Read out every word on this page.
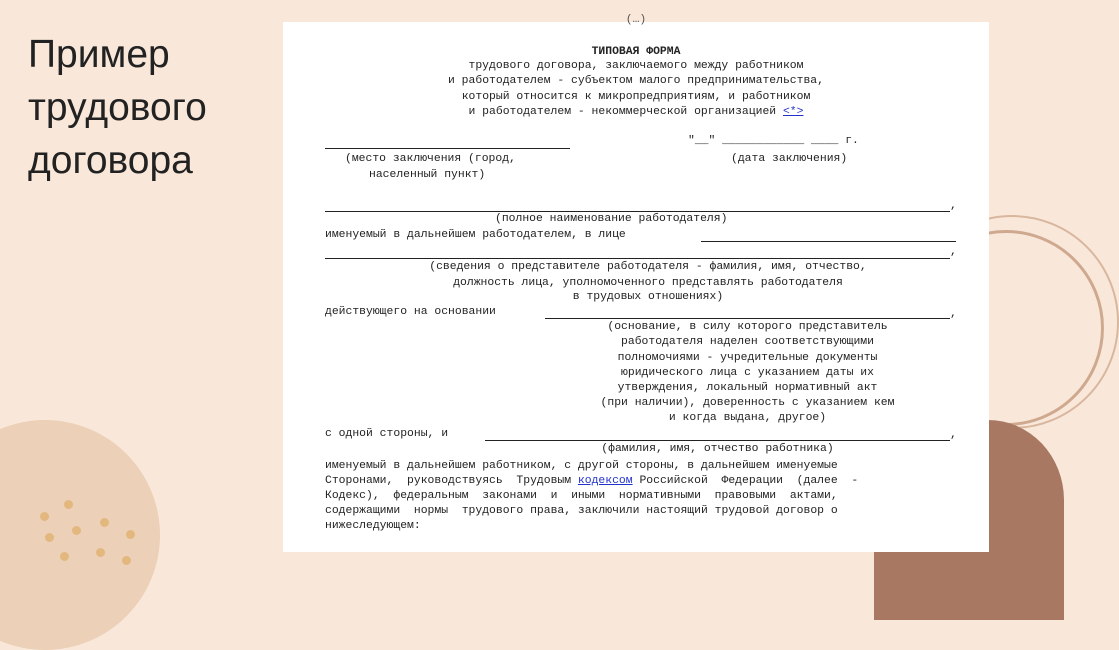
Пример
трудового
договора
(…)
ТИПОВАЯ ФОРМА
трудового договора, заключаемого между работником
и работодателем - субъектом малого предпринимательства,
который относится к микропредприятиям, и работником
и работодателем - некоммерческой организацией <*>
"__" ____________ ____ г.
(место заключения (город,
населенный пункт)
(дата заключения)
,
(полное наименование работодателя)
именуемый в дальнейшем работодателем, в лице
,
(сведения о представителе работодателя - фамилия, имя, отчество,
должность лица, уполномоченного представлять работодателя
в трудовых отношениях)
действующего на основании	,
(основание, в силу которого представитель
работодателя наделен соответствующими
полномочиями - учредительные документы
юридического лица с указанием даты их
утверждения, локальный нормативный акт
(при наличии), доверенность с указанием кем
и когда выдана, другое)
с одной стороны, и	,
(фамилия, имя, отчество работника)
именуемый в дальнейшем работником, с другой стороны, в дальнейшем именуемые
Сторонами,  руководствуясь  Трудовым кодексом Российской  Федерации  (далее  -
Кодекс),  федеральным  законами  и  иными  нормативными  правовыми  актами,
содержащими  нормы  трудового права, заключили настоящий трудовой договор о
нижеследующем:
